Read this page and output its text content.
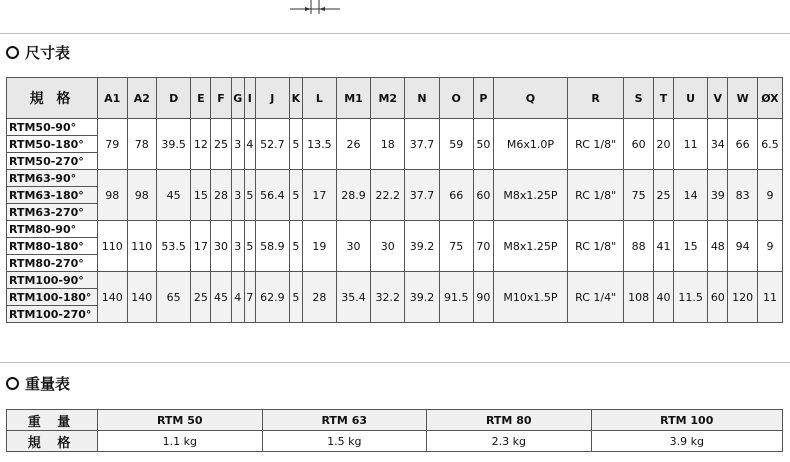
尺寸表
規 格	A1	A2	D	E	F	G	I	J	K	L	M1	M2	N	O	P	Q	R	S	T	U	V	W	ØX
RTM50-90°	79	78	39.5	12	25	3	4	52.7	5	13.5	26	18	37.7	59	50	M6x1.0P	RC 1/8"	60	20	11	34	66	6.5
RTM50-180°																							
RTM50-270°																							
RTM63-90°	98	98	45	15	28	3	5	56.4	5	17	28.9	22.2	37.7	66	60	M8x1.25P	RC 1/8"	75	25	14	39	83	9
RTM63-180°																							
RTM63-270°																							
RTM80-90°	110	110	53.5	17	30	3	5	58.9	5	19	30	30	39.2	75	70	M8x1.25P	RC 1/8"	88	41	15	48	94	9
RTM80-180°																							
RTM80-270°																							
RTM100-90°	140	140	65	25	45	4	7	62.9	5	28	35.4	32.2	39.2	91.5	90	M10x1.5P	RC 1/4"	108	40	11.5	60	120	11
RTM100-180°																							
RTM100-270°																							
重量表
重 量	RTM 50	RTM 63	RTM 80	RTM 100
規 格	1.1 kg	1.5 kg	2.3 kg	3.9 kg
